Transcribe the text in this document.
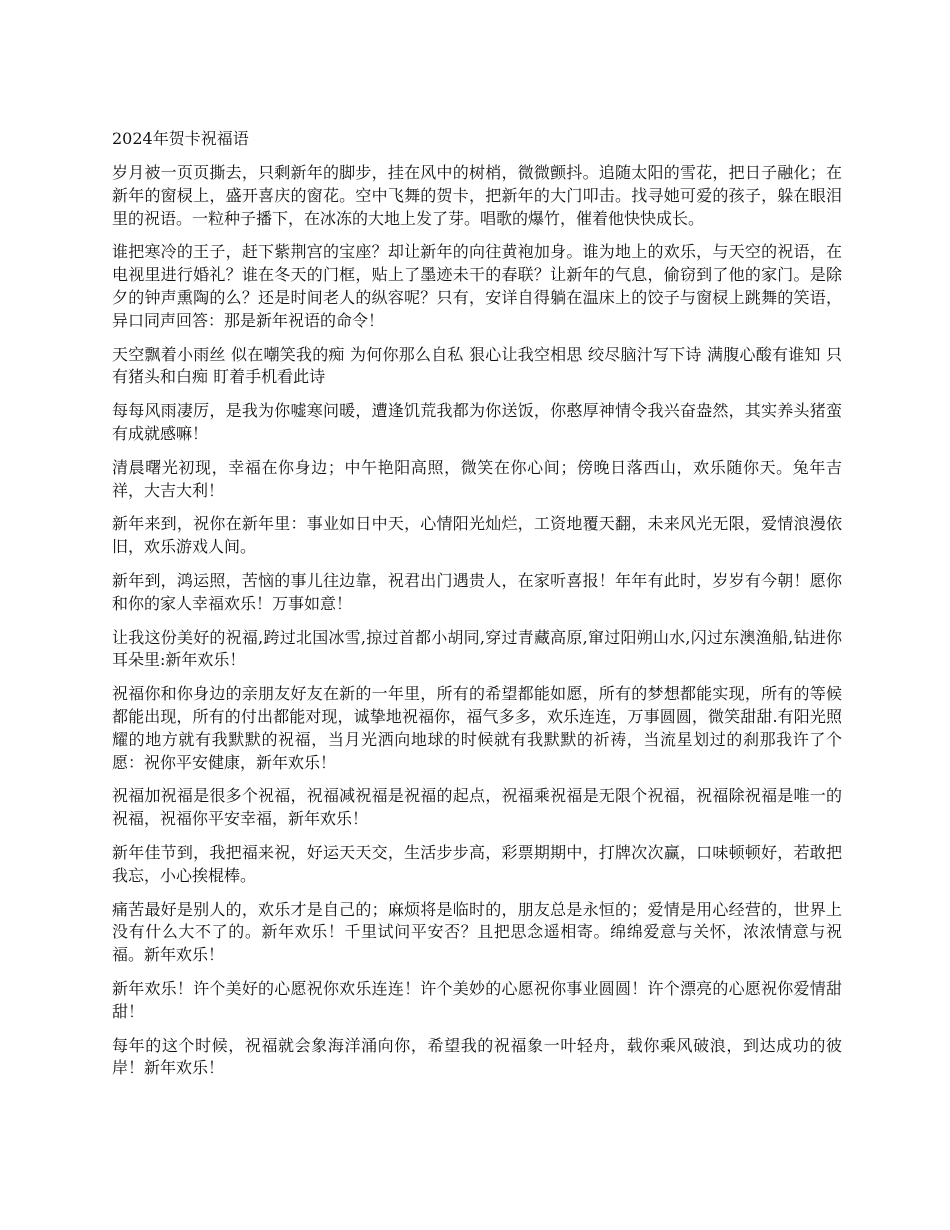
2024年贺卡祝福语

岁月被一页页撕去，只剩新年的脚步，挂在风中的树梢，微微颤抖。追随太阳的雪花，把日子融化；在新年的窗棂上，盛开喜庆的窗花。空中飞舞的贺卡，把新年的大门叩击。找寻她可爱的孩子，躲在眼泪里的祝语。一粒种子播下，在冰冻的大地上发了芽。唱歌的爆竹，催着他快快成长。

谁把寒冷的王子，赶下紫荆宫的宝座？却让新年的向往黄袍加身。谁为地上的欢乐，与天空的祝语，在电视里进行婚礼？谁在冬天的门框，贴上了墨迹未干的春联？让新年的气息，偷窃到了他的家门。是除夕的钟声熏陶的么？还是时间老人的纵容呢？只有，安详自得躺在温床上的饺子与窗棂上跳舞的笑语，异口同声回答：那是新年祝语的命令！

天空飘着小雨丝 似在嘲笑我的痴 为何你那么自私 狠心让我空相思 绞尽脑汁写下诗 满腹心酸有谁知 只有猪头和白痴 盯着手机看此诗

每每风雨凄厉，是我为你嘘寒问暖，遭逢饥荒我都为你送饭，你憨厚神情令我兴奋盎然，其实养头猪蛮有成就感嘛！

清晨曙光初现，幸福在你身边；中午艳阳高照，微笑在你心间；傍晚日落西山，欢乐随你天。兔年吉祥，大吉大利！

新年来到，祝你在新年里：事业如日中天，心情阳光灿烂，工资地覆天翻，未来风光无限，爱情浪漫依旧，欢乐游戏人间。

新年到，鸿运照，苦恼的事儿往边靠，祝君出门遇贵人，在家听喜报！年年有此时，岁岁有今朝！愿你和你的家人幸福欢乐！万事如意！

让我这份美好的祝福,跨过北国冰雪,掠过首都小胡同,穿过青藏高原,窜过阳朔山水,闪过东澳渔船,钻进你耳朵里:新年欢乐！

祝福你和你身边的亲朋友好友在新的一年里，所有的希望都能如愿，所有的梦想都能实现，所有的等候都能出现，所有的付出都能对现，诚挚地祝福你，福气多多，欢乐连连，万事圆圆，微笑甜甜.有阳光照耀的地方就有我默默的祝福，当月光洒向地球的时候就有我默默的祈祷，当流星划过的刹那我许了个愿：祝你平安健康，新年欢乐！

祝福加祝福是很多个祝福，祝福减祝福是祝福的起点，祝福乘祝福是无限个祝福，祝福除祝福是唯一的祝福，祝福你平安幸福，新年欢乐！

新年佳节到，我把福来祝，好运天天交，生活步步高，彩票期期中，打牌次次赢，口味顿顿好，若敢把我忘，小心挨棍棒。

痛苦最好是别人的，欢乐才是自己的；麻烦将是临时的，朋友总是永恒的；爱情是用心经营的，世界上没有什么大不了的。新年欢乐！千里试问平安否？且把思念遥相寄。绵绵爱意与关怀，浓浓情意与祝福。新年欢乐！

新年欢乐！许个美好的心愿祝你欢乐连连！许个美妙的心愿祝你事业圆圆！许个漂亮的心愿祝你爱情甜甜！

每年的这个时候，祝福就会象海洋涌向你，希望我的祝福象一叶轻舟，载你乘风破浪，到达成功的彼岸！新年欢乐！
